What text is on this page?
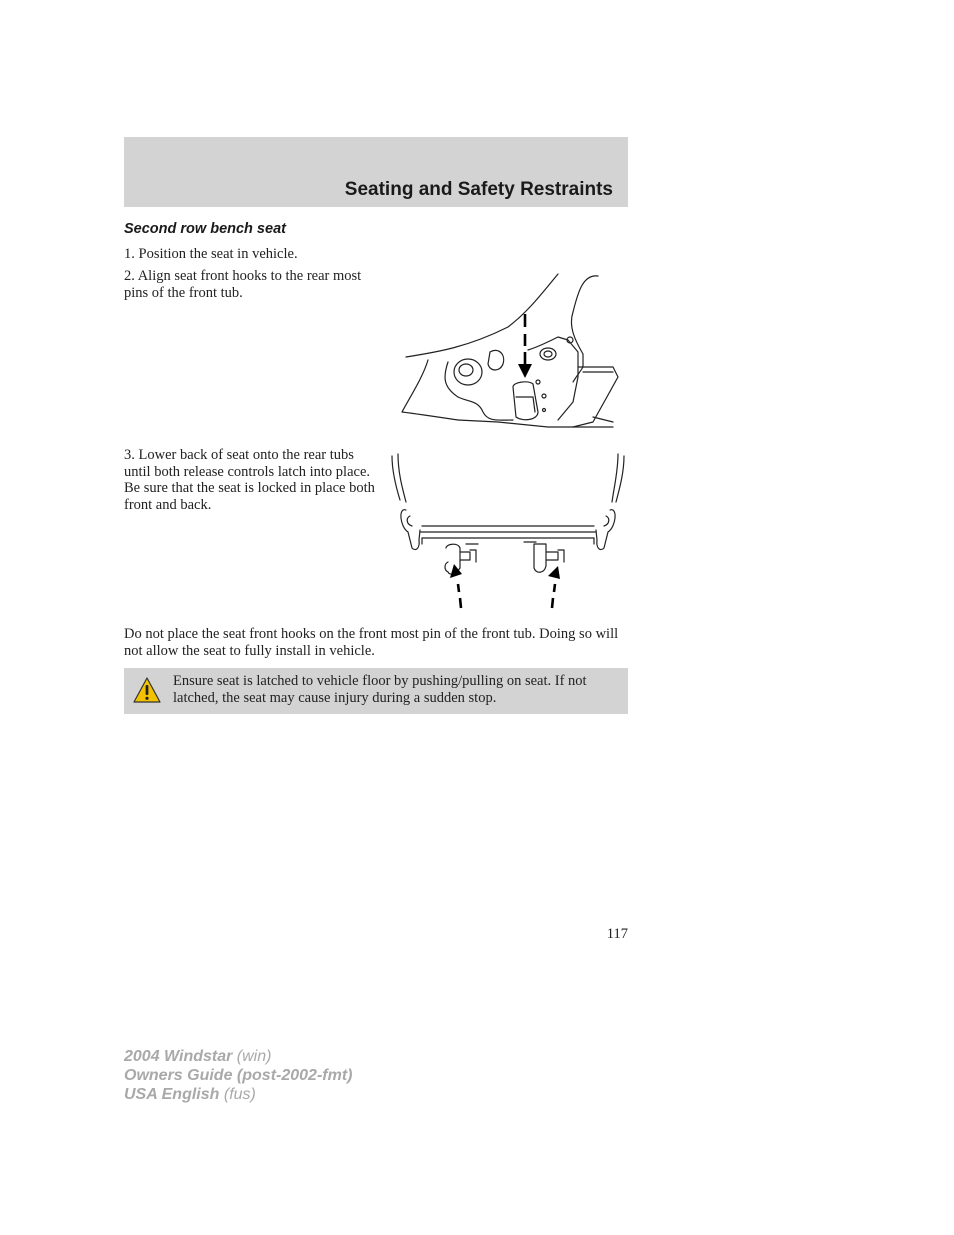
Seating and Safety Restraints
Second row bench seat

1. Position the seat in vehicle.

2. Align seat front hooks to the rear most pins of the front tub.

3. Lower back of seat onto the rear tubs until both release controls latch into place. Be sure that the seat is locked in place both front and back.

Do not place the seat front hooks on the front most pin of the front tub. Doing so will not allow the seat to fully install in vehicle.

Ensure seat is latched to vehicle floor by pushing/pulling on seat. If not latched, the seat may cause injury during a sudden stop.

117
2004 Windstar (win)
Owners Guide (post-2002-fmt)
USA English (fus)
